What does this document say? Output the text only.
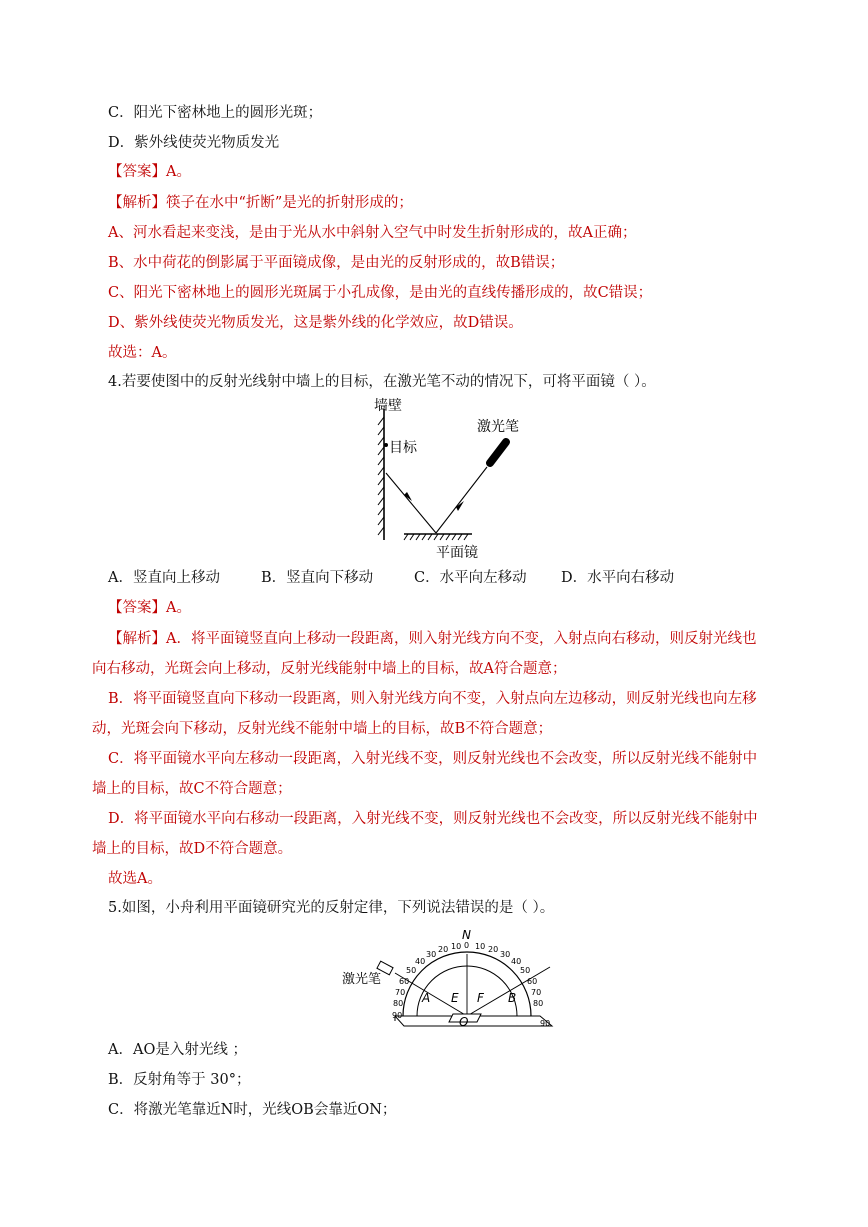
C．阳光下密林地上的圆形光斑；
D．紫外线使荧光物质发光
【答案】A。
【解析】筷子在水中“折断”是光的折射形成的；
A、河水看起来变浅，是由于光从水中斜射入空气中时发生折射形成的，故A正确；
B、水中荷花的倒影属于平面镜成像，是由光的反射形成的，故B错误；
C、阳光下密林地上的圆形光斑属于小孔成像，是由光的直线传播形成的，故C错误；
D、紫外线使荧光物质发光，这是紫外线的化学效应，故D错误。
故选：A。
4.若要使图中的反射光线射中墙上的目标，在激光笔不动的情况下，可将平面镜（ ）。
墙壁
目标
平面镜
激光笔
A．竖直向上移动	B．竖直向下移动	C．水平向左移动 D．水平向右移动
【答案】A。
【解析】A．将平面镜竖直向上移动一段距离，则入射光线方向不变，入射点向右移动，则反射光线也
向右移动，光斑会向上移动，反射光线能射中墙上的目标，故A符合题意；
B．将平面镜竖直向下移动一段距离，则入射光线方向不变，入射点向左边移动，则反射光线也向左移
动，光斑会向下移动，反射光线不能射中墙上的目标，故B不符合题意；
C．将平面镜水平向左移动一段距离，入射光线不变，则反射光线也不会改变，所以反射光线不能射中
墙上的目标，故C不符合题意；
D．将平面镜水平向右移动一段距离，入射光线不变，则反射光线也不会改变，所以反射光线不能射中
墙上的目标，故D不符合题意。
故选A。
5.如图，小舟利用平面镜研究光的反射定律，下列说法错误的是（ ）。
0
10
20
30
40
50
60
70
80
90
10 20
30
40
50
60
70
80
90
N
激光笔
O
A E F B
A．AO是入射光线 ；
B．反射角等于 30°；
C．将激光笔靠近N时，光线OB会靠近ON；
